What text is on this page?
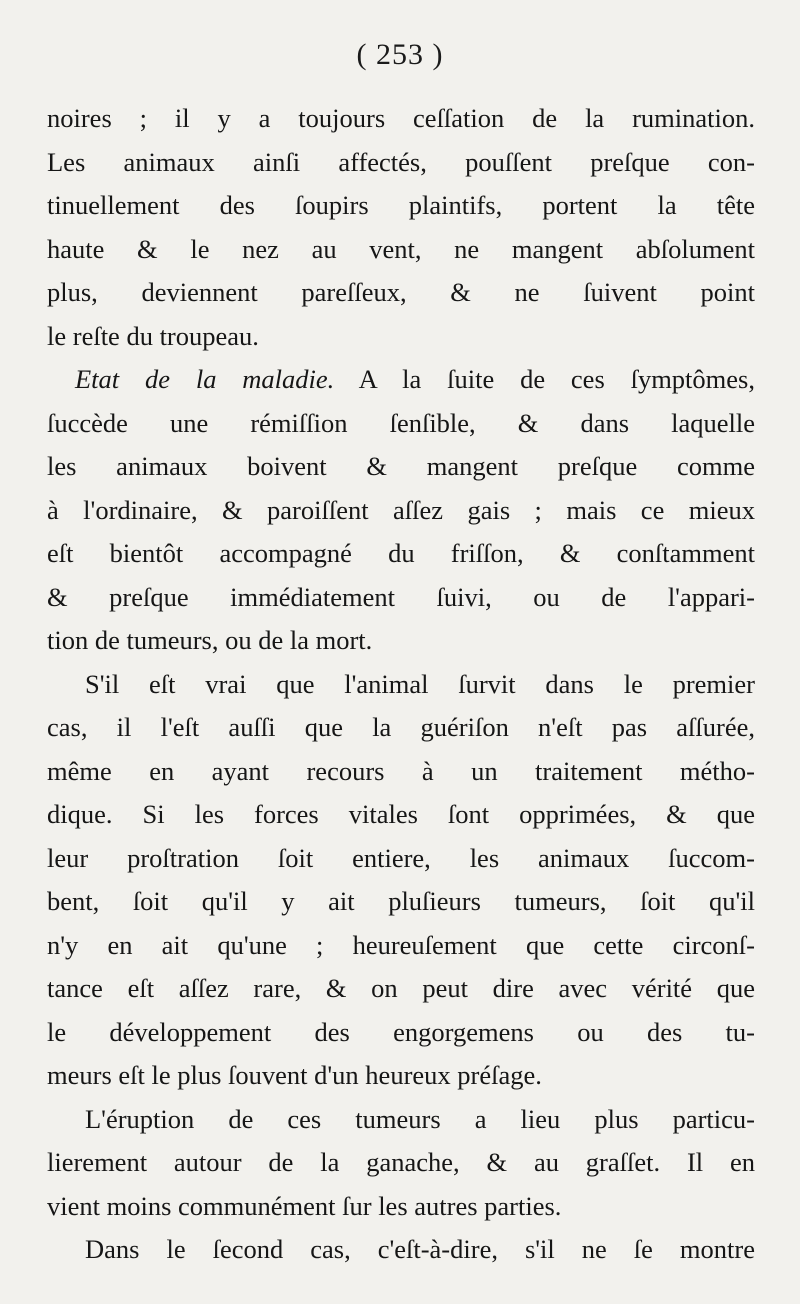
( 253 )
noires ; il y a toujours ceſſation de la rumination.
Les animaux ainſi affectés, pouſſent preſque con-
tinuellement des ſoupirs plaintifs, portent la tête
haute & le nez au vent, ne mangent abſolument
plus, deviennent pareſſeux, & ne ſuivent point
le reſte du troupeau.
Etat de la maladie. A la ſuite de ces ſymptômes,
ſuccède une rémiſſion ſenſible, & dans laquelle
les animaux boivent & mangent preſque comme
à l'ordinaire, & paroiſſent aſſez gais ; mais ce mieux
eſt bientôt accompagné du friſſon, & conſtamment
& preſque immédiatement ſuivi, ou de l'appari-
tion de tumeurs, ou de la mort.
S'il eſt vrai que l'animal ſurvit dans le premier
cas, il l'eſt auſſi que la guériſon n'eſt pas aſſurée,
même en ayant recours à un traitement métho-
dique. Si les forces vitales ſont opprimées, & que
leur proſtration ſoit entiere, les animaux ſuccom-
bent, ſoit qu'il y ait pluſieurs tumeurs, ſoit qu'il
n'y en ait qu'une ; heureuſement que cette circonſ-
tance eſt aſſez rare, & on peut dire avec vérité que
le développement des engorgemens ou des tu-
meurs eſt le plus ſouvent d'un heureux préſage.
L'éruption de ces tumeurs a lieu plus particu-
lierement autour de la ganache, & au graſſet. Il en
vient moins communément ſur les autres parties.
Dans le ſecond cas, c'eſt-à-dire, s'il ne ſe montre
